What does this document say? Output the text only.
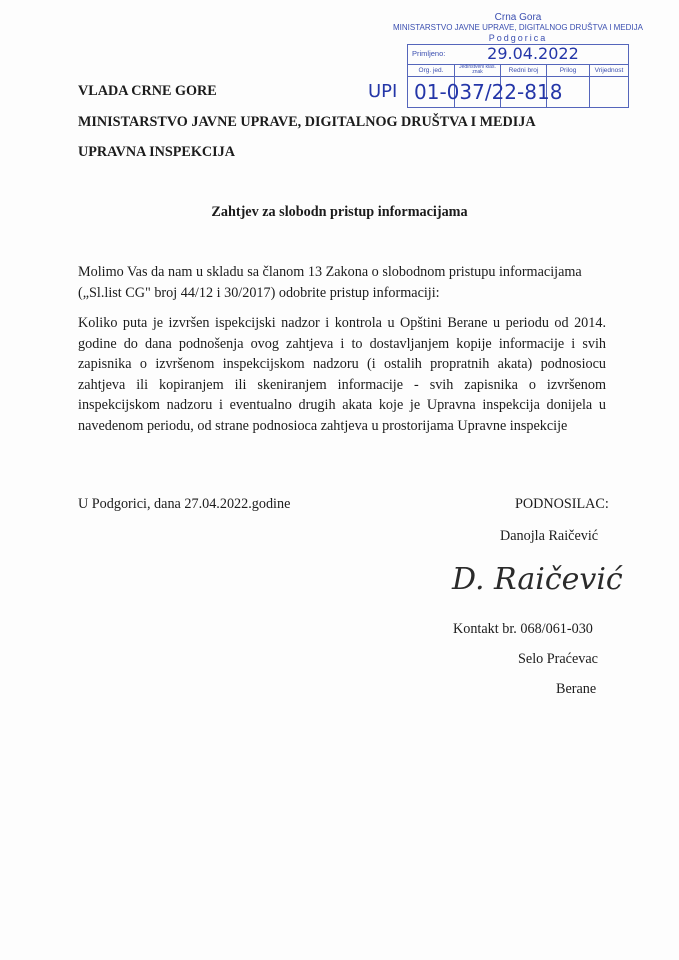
Crna Gora
MINISTARSTVO JAVNE UPRAVE, DIGITALNOG DRUŠTVA I MEDIJA
Podgorica
Primljeno: 29.04.2022				
Org. jed.	Jedinstveni klas. znak	Redni broj	Prilog	Vrijednost

UPI 01-037/22-818
VLADA CRNE GORE
MINISTARSTVO JAVNE UPRAVE, DIGITALNOG DRUŠTVA I MEDIJA
UPRAVNA INSPEKCIJA
Zahtjev za slobodn pristup informacijama
Molimo Vas da nam u skladu sa članom 13 Zakona o slobodnom pristupu informacijama („Sl.list CG" broj 44/12 i 30/2017) odobrite pristup informaciji:
Koliko puta je izvršen ispekcijski nadzor i kontrola u Opštini Berane u periodu od 2014. godine do dana podnošenja ovog zahtjeva i to dostavljanjem kopije informacije i svih zapisnika o izvršenom inspekcijskom nadzoru (i ostalih propratnih akata) podnosiocu zahtjeva ili kopiranjem ili skeniranjem informacije - svih zapisnika o izvršenom inspekcijskom nadzoru i eventualno drugih akata koje je Upravna inspekcija donijela u navedenom periodu, od strane podnosioca zahtjeva u prostorijama Upravne inspekcije
U Podgorici, dana 27.04.2022.godine	PODNOSILAC:
Danojla Raičević
D. Raičević
Kontakt br. 068/061-030
Selo Praćevac
Berane
